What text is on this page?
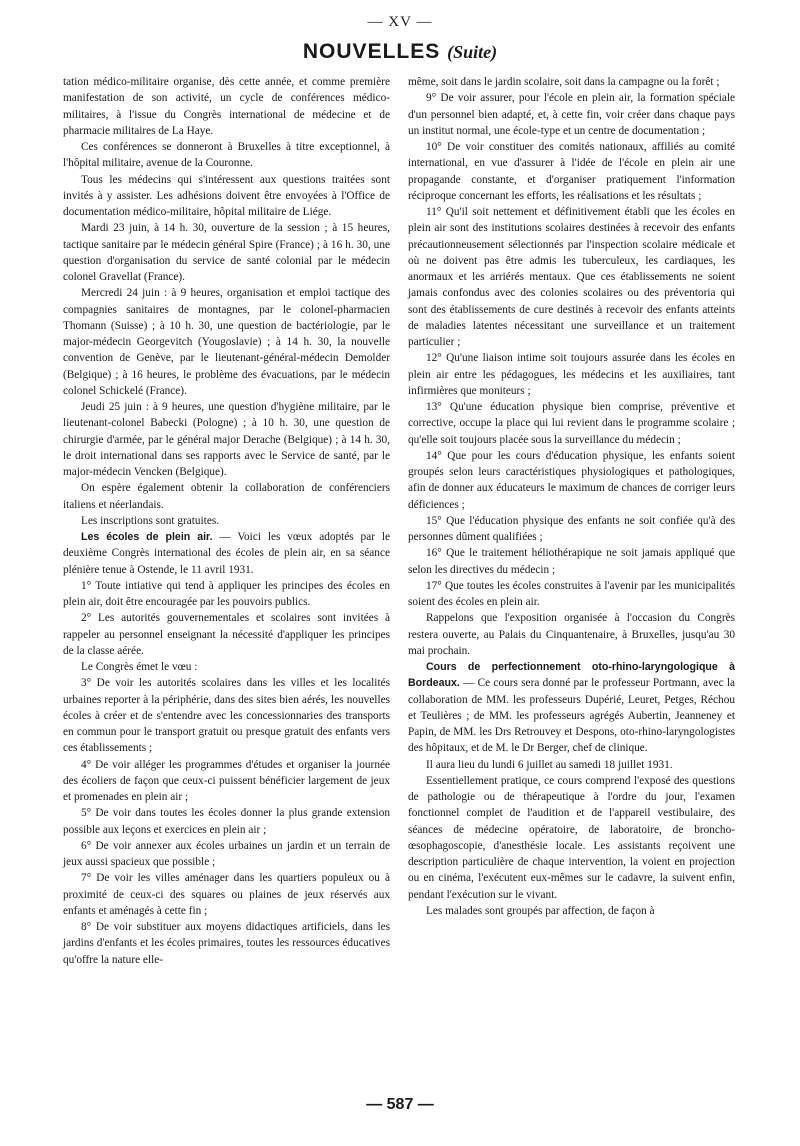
— XV —
NOUVELLES (Suite)

tation médico-militaire organise, dès cette année, et comme première manifestation de son activité, un cycle de conférences médico-militaires, à l'issue du Congrès international de médecine et de pharmacie militaires de La Haye.

Ces conférences se donneront à Bruxelles à titre exceptionnel, à l'hôpital militaire, avenue de la Couronne.

Tous les médecins qui s'intéressent aux questions traitées sont invités à y assister. Les adhésions doivent être envoyées à l'Office de documentation médico-militaire, hôpital militaire de Liége.

Mardi 23 juin, à 14 h. 30, ouverture de la session ; à 15 heures, tactique sanitaire par le médecin général Spire (France) ; à 16 h. 30, une question d'organisation du service de santé colonial par le médecin colonel Gravellat (France).

Mercredi 24 juin : à 9 heures, organisation et emploi tactique des compagnies sanitaires de montagnes, par le colonel-pharmacien Thomann (Suisse) ; à 10 h. 30, une question de bactériologie, par le major-médecin Georgevitch (Yougoslavie) ; à 14 h. 30, la nouvelle convention de Genève, par le lieutenant-général-médecin Demolder (Belgique) ; à 16 heures, le problème des évacuations, par le médecin colonel Schickelé (France).

Jeudi 25 juin : à 9 heures, une question d'hygiène militaire, par le lieutenant-colonel Babecki (Pologne) ; à 10 h. 30, une question de chirurgie d'armée, par le général major Derache (Belgique) ; à 14 h. 30, le droit international dans ses rapports avec le Service de santé, par le major-médecin Vencken (Belgique).

On espère également obtenir la collaboration de conférenciers italiens et néerlandais.

Les inscriptions sont gratuites.

Les écoles de plein air. — Voici les vœux adoptés par le deuxième Congrès international des écoles de plein air, en sa séance plénière tenue à Ostende, le 11 avril 1931.

1° Toute intiative qui tend à appliquer les principes des écoles en plein air, doit être encouragée par les pouvoirs publics.

2° Les autorités gouvernementales et scolaires sont invitées à rappeler au personnel enseignant la nécessité d'appliquer les principes de la classe aérée.

Le Congrès émet le vœu :

3° De voir les autorités scolaires dans les villes et les localités urbaines reporter à la périphérie, dans des sites bien aérés, les nouvelles écoles à créer et de s'entendre avec les concessionnaries des transports en commun pour le transport gratuit ou presque gratuit des enfants vers ces établissements ;

4° De voir alléger les programmes d'études et organiser la journée des écoliers de façon que ceux-ci puissent bénéficier largement de jeux et promenades en plein air ;

5° De voir dans toutes les écoles donner la plus grande extension possible aux leçons et exercices en plein air ;

6° De voir annexer aux écoles urbaines un jardin et un terrain de jeux aussi spacieux que possible ;

7° De voir les villes aménager dans les quartiers populeux ou à proximité de ceux-ci des squares ou plaines de jeux réservés aux enfants et aménagés à cette fin ;

8° De voir substituer aux moyens didactiques artificiels, dans les jardins d'enfants et les écoles primaires, toutes les ressources éducatives qu'offre la nature elle-

même, soit dans le jardin scolaire, soit dans la campagne ou la forêt ;

9° De voir assurer, pour l'école en plein air, la formation spéciale d'un personnel bien adapté, et, à cette fin, voir créer dans chaque pays un institut normal, une école-type et un centre de documentation ;

10° De voir constituer des comités nationaux, affiliés au comité international, en vue d'assurer à l'idée de l'école en plein air une propagande constante, et d'organiser pratiquement l'information réciproque concernant les efforts, les réalisations et les résultats ;

11° Qu'il soit nettement et définitivement établi que les écoles en plein air sont des institutions scolaires destinées à recevoir des enfants précautionneusement sélectionnés par l'inspection scolaire médicale et où ne doivent pas être admis les tuberculeux, les cardiaques, les anormaux et les arriérés mentaux. Que ces établissements ne soient jamais confondus avec des colonies scolaires ou des préventoria qui sont des établissements de cure destinés à recevoir des enfants atteints de maladies latentes nécessitant une surveillance et un traitement particulier ;

12° Qu'une liaison intime soit toujours assurée dans les écoles en plein air entre les pédagogues, les médecins et les auxiliaires, tant infirmières que moniteurs ;

13° Qu'une éducation physique bien comprise, préventive et corrective, occupe la place qui lui revient dans le programme scolaire ; qu'elle soit toujours placée sous la surveillance du médecin ;

14° Que pour les cours d'éducation physique, les enfants soient groupés selon leurs caractéristiques physiologiques et pathologiques, afin de donner aux éducateurs le maximum de chances de corriger leurs déficiences ;

15° Que l'éducation physique des enfants ne soit confiée qu'à des personnes dûment qualifiées ;

16° Que le traitement héliothérapique ne soit jamais appliqué que selon les directives du médecin ;

17° Que toutes les écoles construites à l'avenir par les municipalités soient des écoles en plein air.

Rappelons que l'exposition organisée à l'occasion du Congrès restera ouverte, au Palais du Cinquantenaire, à Bruxelles, jusqu'au 30 mai prochain.

Cours de perfectionnement oto-rhino-laryngologique à Bordeaux. — Ce cours sera donné par le professeur Portmann, avec la collaboration de MM. les professeurs Dupérié, Leuret, Petges, Réchou et Teulières ; de MM. les professeurs agrégés Aubertin, Jeanneney et Papin, de MM. les Drs Retrouvey et Despons, oto-rhino-laryngologistes des hôpitaux, et de M. le Dr Berger, chef de clinique.

Il aura lieu du lundi 6 juillet au samedi 18 juillet 1931.

Essentiellement pratique, ce cours comprend l'exposé des questions de pathologie ou de thérapeutique à l'ordre du jour, l'examen fonctionnel complet de l'audition et de l'appareil vestibulaire, des séances de médecine opératoire, de laboratoire, de broncho-œsophagoscopie, d'anesthésie locale. Les assistants reçoivent une description particulière de chaque intervention, la voient en projection ou en cinéma, l'exécutent eux-mêmes sur le cadavre, la suivent enfin, pendant l'exécution sur le vivant.

Les malades sont groupés par affection, de façon à

— 587 —
